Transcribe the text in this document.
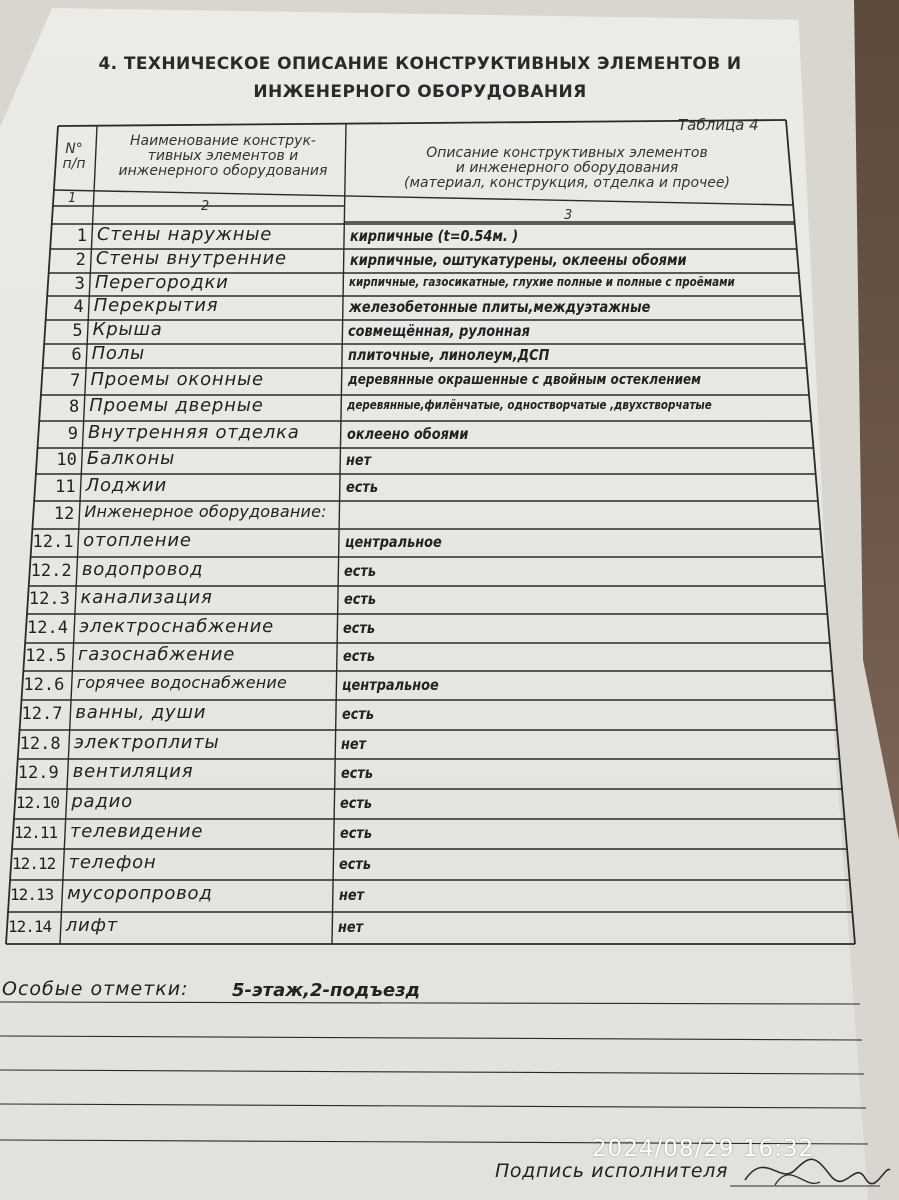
4. ТЕХНИЧЕСКОЕ ОПИСАНИЕ КОНСТРУКТИВНЫХ ЭЛЕМЕНТОВ И
ИНЖЕНЕРНОГО ОБОРУДОВАНИЯ
Таблица 4
N°
п/п
Наименование конструк-
тивных элементов и
инженерного оборудования
Описание конструктивных элементов
и инженерного оборудования
(материал, конструкция, отделка и прочее)
1
2
3
1 Стены наружные	кирпичные (t=0.54м. )
2 Стены внутренние	кирпичные, оштукатурены, оклеены обоями
3 Перегородки	кирпичные, газосикатные, глухие полные и полные с проёмами
4 Перекрытия	железобетонные плиты,междуэтажные
5 Крыша	совмещённая, рулонная
6 Полы	плиточные, линолеум,ДСП
7 Проемы оконные	деревянные окрашенные с двойным остеклением
8 Проемы дверные	деревянные,филёнчатые, одностворчатые ,двухстворчатые
9 Внутренняя отделка	оклеено обоями
10 Балконы	нет
11 Лоджии	есть
12 Инженерное оборудование:
12.1 отопление	центральное
12.2 водопровод	есть
12.3 канализация	есть
12.4 электроснабжение	есть
12.5 газоснабжение	есть
12.6 горячее водоснабжение	центральное
12.7 ванны, души	есть
12.8 электроплиты	нет
12.9 вентиляция	есть
12.10 радио	есть
12.11 телевидение	есть
12.12 телефон	есть
12.13 мусоропровод	нет
12.14 лифт	нет
Особые отметки: 5-этаж,2-подъезд
Подпись исполнителя
2024/08/29 16:32
